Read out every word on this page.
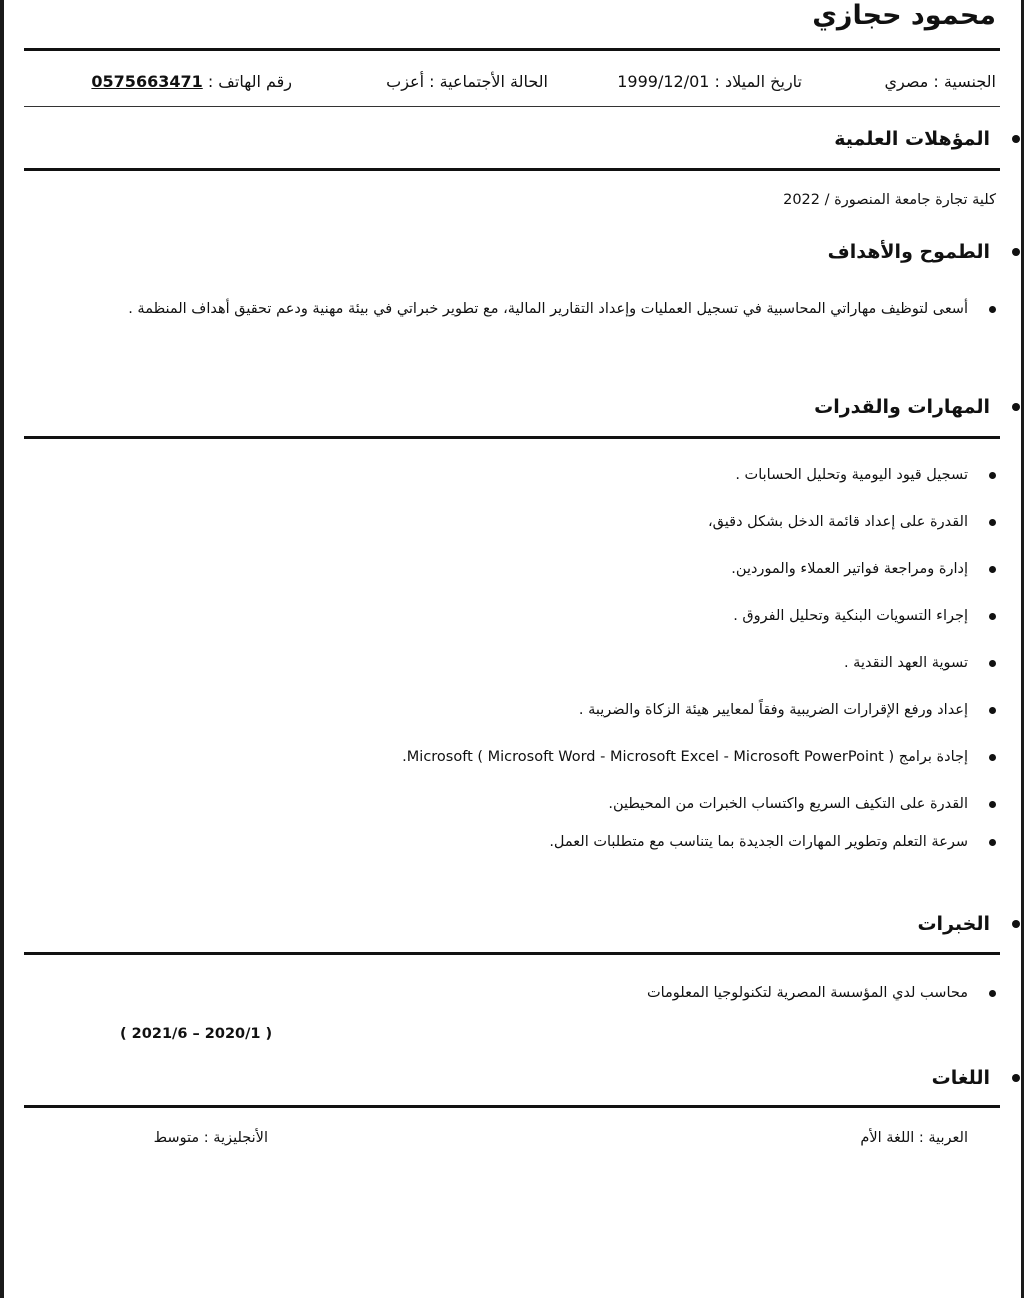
محمود حجازي
الجنسية : مصري
تاريخ الميلاد : 1999/12/01
الحالة الأجتماعية : أعزب
رقم الهاتف : 0575663471
المؤهلات العلمية
كلية تجارة جامعة المنصورة / 2022
الطموح والأهداف
أسعى لتوظيف مهاراتي المحاسبية في تسجيل العمليات وإعداد التقارير المالية، مع تطوير خبراتي في بيئة مهنية ودعم تحقيق أهداف المنظمة .
المهارات والقدرات
تسجيل قيود اليومية وتحليل الحسابات .
القدرة على إعداد قائمة الدخل بشكل دقيق،
إدارة ومراجعة فواتير العملاء والموردين.
إجراء التسويات البنكية وتحليل الفروق .
تسوية العهد النقدية .
إعداد ورفع الإقرارات الضريبية وفقاً لمعايير هيئة الزكاة والضريبة .
إجادة برامج Microsoft ( Microsoft Word - Microsoft Excel - Microsoft PowerPoint ).
القدرة على التكيف السريع واكتساب الخبرات من المحيطين.
سرعة التعلم وتطوير المهارات الجديدة بما يتناسب مع متطلبات العمل.
الخبرات
محاسب لدي المؤسسة المصرية لتكنولوجيا المعلومات
( 2021/6 – 2020/1 )
اللغات
العربية : اللغة الأم
الأنجليزية : متوسط
